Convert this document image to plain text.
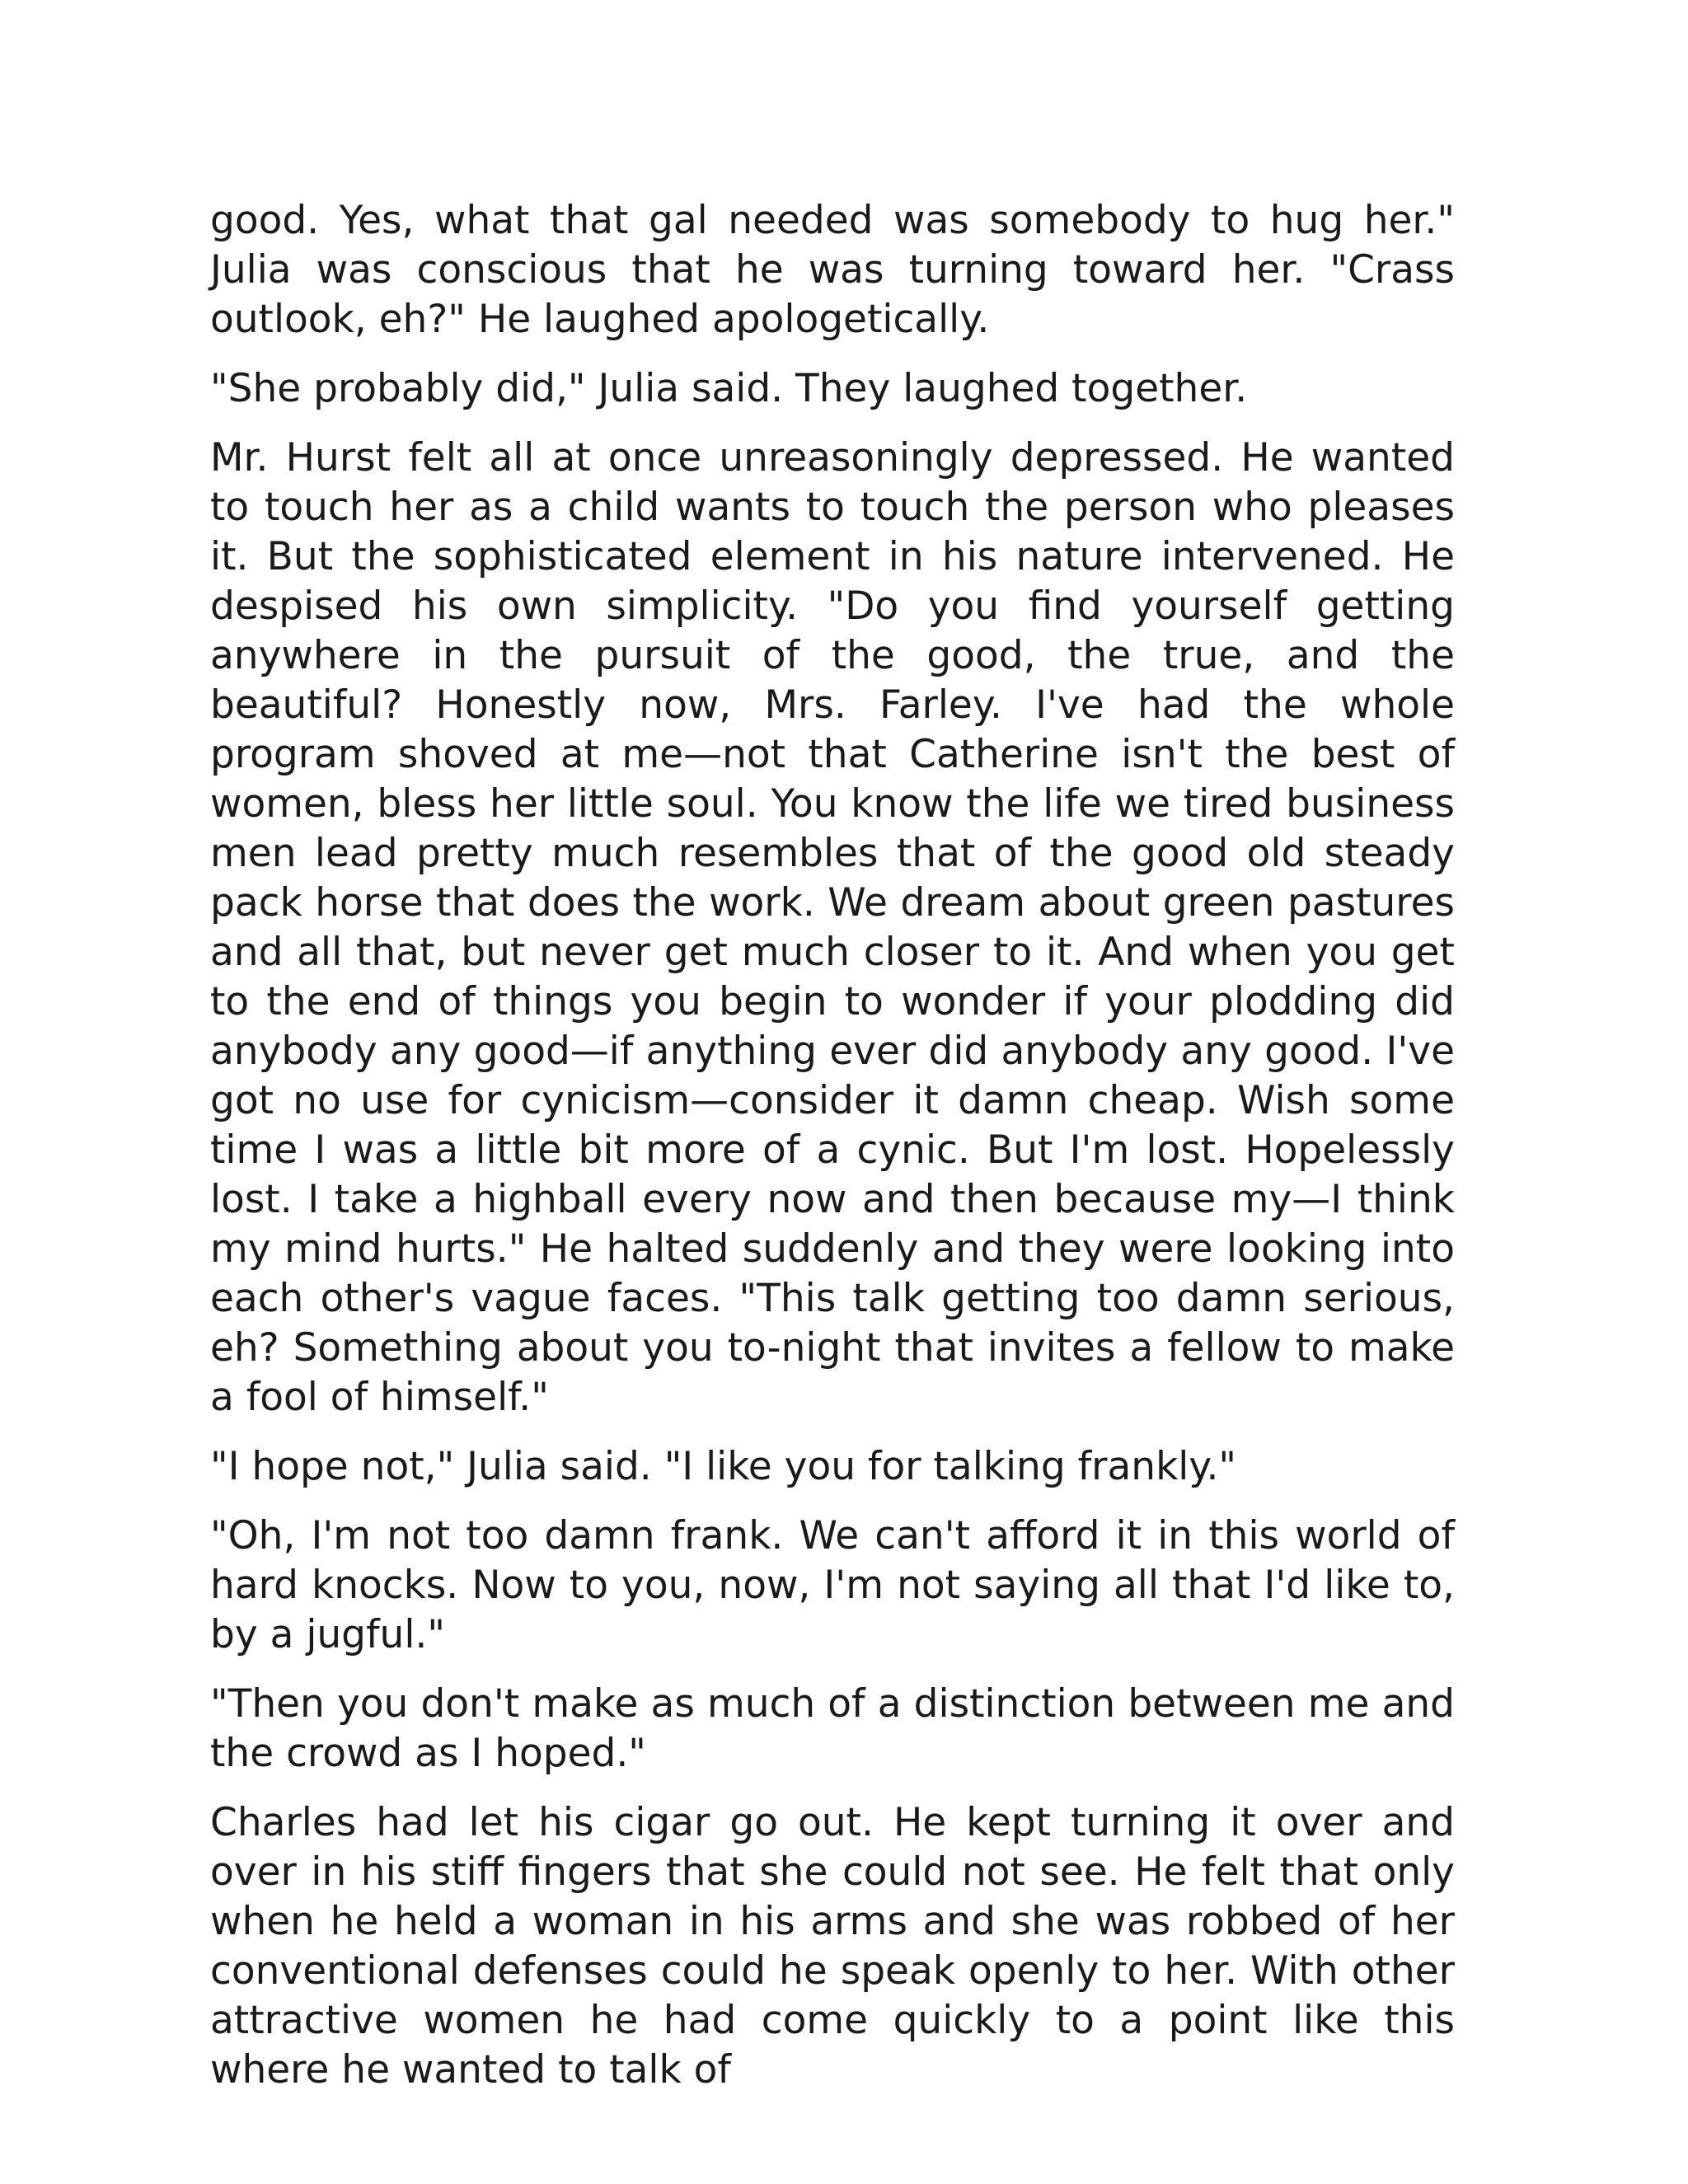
good. Yes, what that gal needed was somebody to hug her." Julia was conscious that he was turning toward her. "Crass outlook, eh?" He laughed apologetically.

"She probably did," Julia said. They laughed together.

Mr. Hurst felt all at once unreasoningly depressed. He wanted to touch her as a child wants to touch the person who pleases it. But the sophisticated element in his nature intervened. He despised his own simplicity. "Do you find yourself getting anywhere in the pursuit of the good, the true, and the beautiful? Honestly now, Mrs. Farley. I've had the whole program shoved at me—not that Catherine isn't the best of women, bless her little soul. You know the life we tired business men lead pretty much resembles that of the good old steady pack horse that does the work. We dream about green pastures and all that, but never get much closer to it. And when you get to the end of things you begin to wonder if your plodding did anybody any good—if anything ever did anybody any good. I've got no use for cynicism—consider it damn cheap. Wish some time I was a little bit more of a cynic. But I'm lost. Hopelessly lost. I take a highball every now and then because my—I think my mind hurts." He halted suddenly and they were looking into each other's vague faces. "This talk getting too damn serious, eh? Something about you to-night that invites a fellow to make a fool of himself."

"I hope not," Julia said. "I like you for talking frankly."

"Oh, I'm not too damn frank. We can't afford it in this world of hard knocks. Now to you, now, I'm not saying all that I'd like to, by a jugful."

"Then you don't make as much of a distinction between me and the crowd as I hoped."

Charles had let his cigar go out. He kept turning it over and over in his stiff fingers that she could not see. He felt that only when he held a woman in his arms and she was robbed of her conventional defenses could he speak openly to her. With other attractive women he had come quickly to a point like this where he wanted to talk of
